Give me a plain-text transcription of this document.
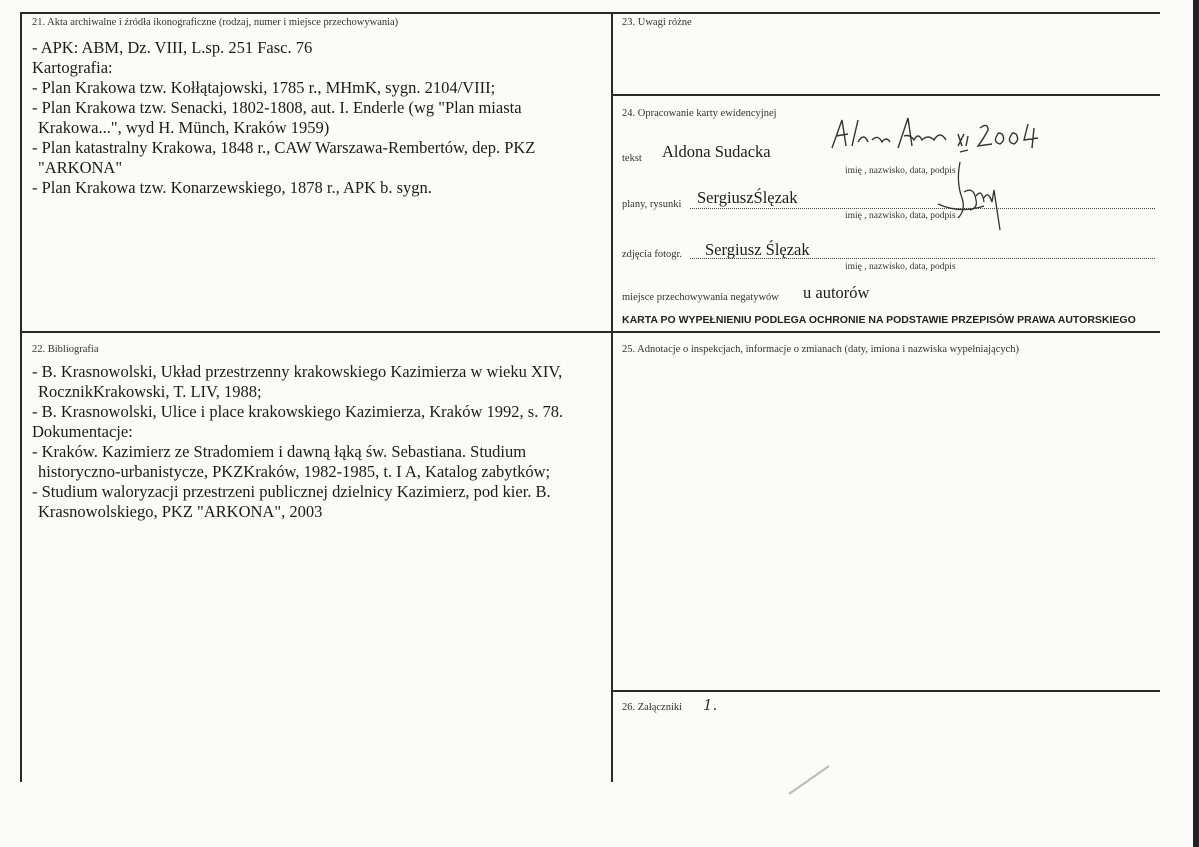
21. Akta archiwalne i źródła ikonograficzne (rodzaj, numer i miejsce przechowywania)
- APK: ABM, Dz. VIII, L.sp. 251 Fasc. 76
Kartografia:
- Plan Krakowa tzw. Kołłątajowski, 1785 r., MHmK, sygn. 2104/VIII;
- Plan Krakowa tzw. Senacki, 1802-1808, aut. I. Enderle (wg "Plan miasta
Krakowa...", wyd H. Münch, Kraków 1959)
- Plan katastralny Krakowa, 1848 r., CAW Warszawa-Rembertów, dep. PKZ
"ARKONA"
- Plan Krakowa tzw. Konarzewskiego, 1878 r., APK b. sygn.
23. Uwagi różne
24. Opracowanie karty ewidencyjnej
tekst Aldona Sudacka
imię , nazwisko, data, podpis
plany, rysunki SergiuszŚlęzak
imię , nazwisko, data, podpis
zdjęcia fotogr. Sergiusz Ślęzak
imię , nazwisko, data, podpis
miejsce przechowywania negatywów u autorów
KARTA PO WYPEŁNIENIU PODLEGA OCHRONIE NA PODSTAWIE PRZEPISÓW PRAWA AUTORSKIEGO
22. Bibliografia
- B. Krasnowolski, Układ przestrzenny krakowskiego Kazimierza w wieku XIV,
RocznikKrakowski, T. LIV, 1988;
- B. Krasnowolski, Ulice i place krakowskiego Kazimierza, Kraków 1992, s. 78.
Dokumentacje:
- Kraków. Kazimierz ze Stradomiem i dawną łąką św. Sebastiana. Studium
historyczno-urbanistycze, PKZKraków, 1982-1985, t. I A, Katalog zabytków;
- Studium waloryzacji przestrzeni publicznej dzielnicy Kazimierz, pod kier. B.
Krasnowolskiego, PKZ "ARKONA", 2003
25. Adnotacje o inspekcjach, informacje o zmianach (daty, imiona i nazwiska wypełniających)
26. Załączniki 1.
